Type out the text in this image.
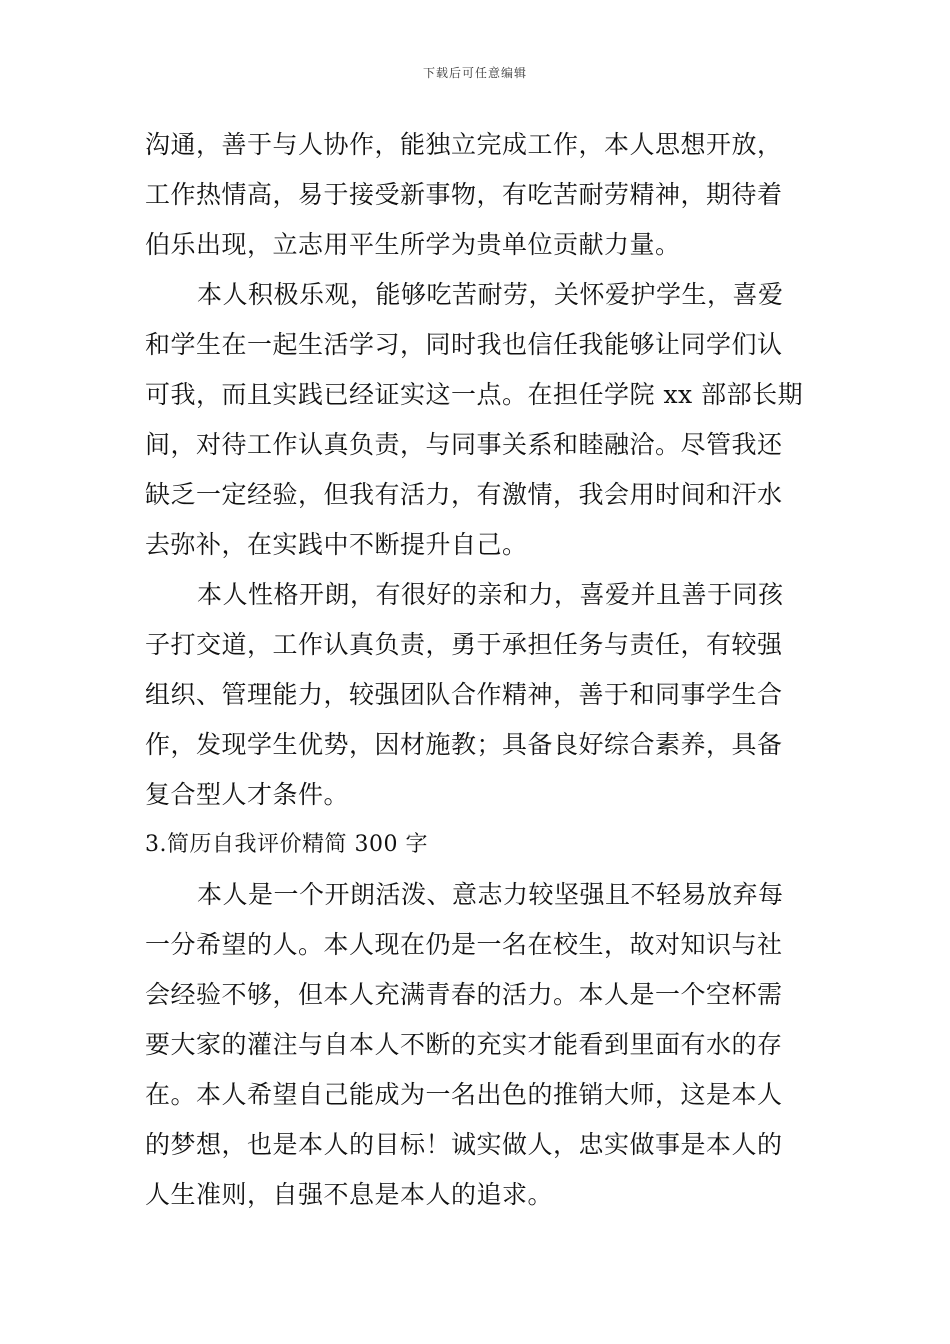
下载后可任意编辑
沟通，善于与人协作，能独立完成工作，本人思想开放，
工作热情高，易于接受新事物，有吃苦耐劳精神，期待着
伯乐出现，立志用平生所学为贵单位贡献力量。
本人积极乐观，能够吃苦耐劳，关怀爱护学生，喜爱
和学生在一起生活学习，同时我也信任我能够让同学们认
可我，而且实践已经证实这一点。在担任学院 xx 部部长期
间，对待工作认真负责，与同事关系和睦融洽。尽管我还
缺乏一定经验，但我有活力，有激情，我会用时间和汗水
去弥补，在实践中不断提升自己。
本人性格开朗，有很好的亲和力，喜爱并且善于同孩
子打交道，工作认真负责，勇于承担任务与责任，有较强
组织、管理能力，较强团队合作精神，善于和同事学生合
作，发现学生优势，因材施教；具备良好综合素养，具备
复合型人才条件。
3.简历自我评价精简 300 字
本人是一个开朗活泼、意志力较坚强且不轻易放弃每
一分希望的人。本人现在仍是一名在校生，故对知识与社
会经验不够，但本人充满青春的活力。本人是一个空杯需
要大家的灌注与自本人不断的充实才能看到里面有水的存
在。本人希望自己能成为一名出色的推销大师，这是本人
的梦想，也是本人的目标！诚实做人，忠实做事是本人的
人生准则，自强不息是本人的追求。
